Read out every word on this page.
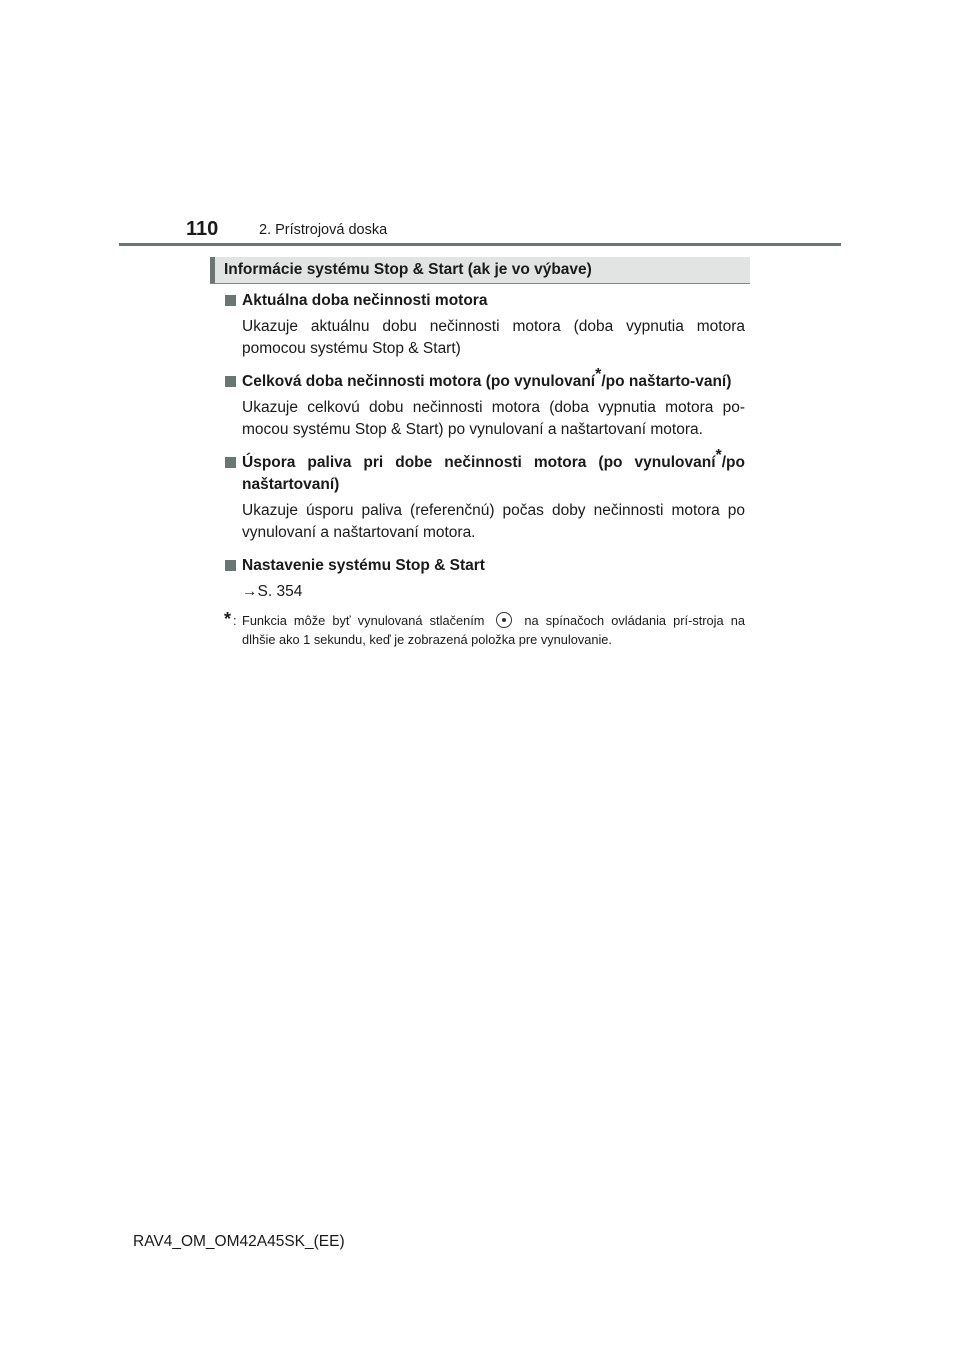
110	2. Prístrojová doska
Informácie systému Stop & Start (ak je vo výbave)

Aktuálna doba nečinnosti motora

Ukazuje aktuálnu dobu nečinnosti motora (doba vypnutia motora pomocou systému Stop & Start)

Celková doba nečinnosti motora (po vynulovaní*/po naštarto-vaní)

Ukazuje celkovú dobu nečinnosti motora (doba vypnutia motora po-mocou systému Stop & Start) po vynulovaní a naštartovaní motora.

Úspora paliva pri dobe nečinnosti motora (po vynulovaní*/po naštartovaní)

Ukazuje úsporu paliva (referenčnú) počas doby nečinnosti motora po vynulovaní a naštartovaní motora.

Nastavenie systému Stop & Start

→S. 354

* : Funkcia môže byť vynulovaná stlačením	na spínačoch ovládania prí-stroja na dlhšie ako 1 sekundu, keď je zobrazená položka pre vynulovanie.

RAV4_OM_OM42A45SK_(EE)
